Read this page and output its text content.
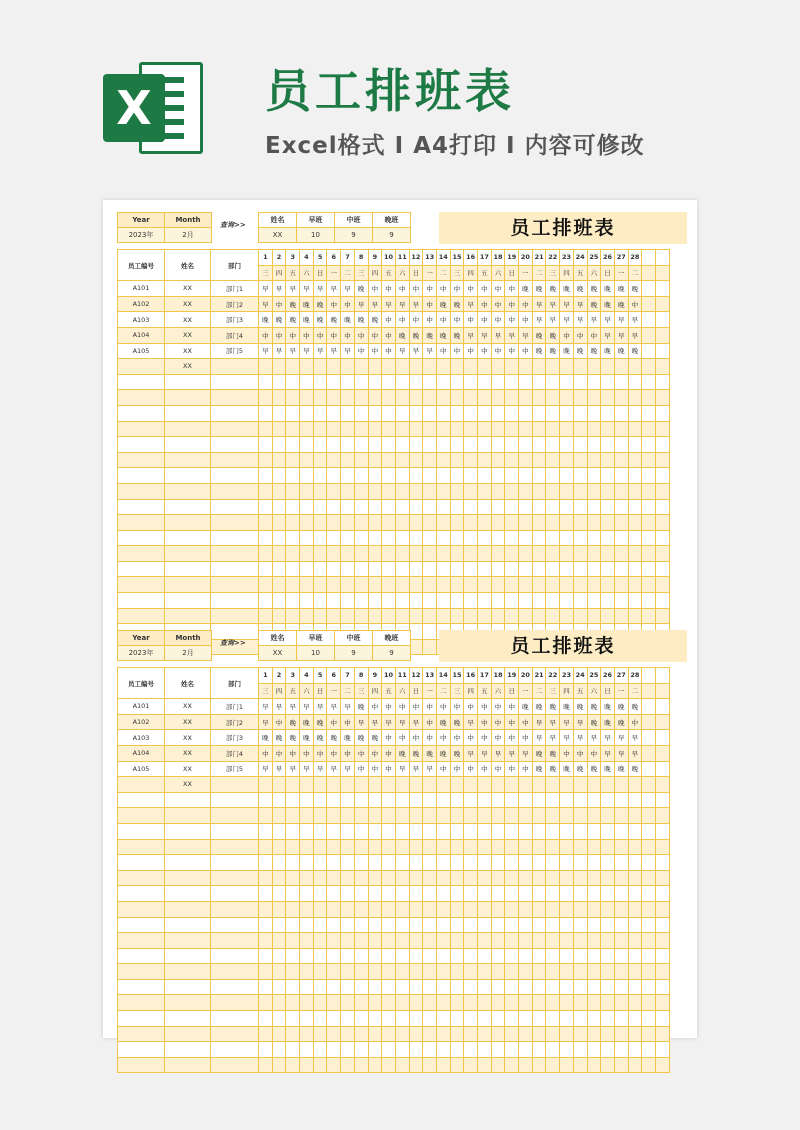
X 员工排班表
Excel格式 I A4打印 I 内容可修改
员工排班表
Year	Month
2023年	2月
查询>>
姓名	早班	中班	晚班
XX	10	9	9
员工编号	姓名	部门	1	2	3	4	5	6	7	8	9	10	11	12	13	14	15	16	17	18	19	20	21	22	23	24	25	26	27	28		
			三	四	五	六	日	一	二	三	四	五	六	日	一	二	三	四	五	六	日	一	二	三	四	五	六	日	一	二		
A101	XX	部门1	早	早	早	早	早	早	早	晚	中	中	中	中	中	中	中	中	中	中	中	晚	晚	晚	晚	晚	晚	晚	晚	晚		
A102	XX	部门2	早	中	晚	晚	晚	中	中	早	早	早	早	早	中	晚	晚	早	中	中	中	中	早	早	早	早	晚	晚	晚	中		
A103	XX	部门3	晚	晚	晚	晚	晚	晚	晚	晚	晚	中	中	中	中	中	中	中	中	中	中	中	早	早	早	早	早	早	早	早		
A104	XX	部门4	中	中	中	中	中	中	中	中	中	中	晚	晚	晚	晚	晚	早	早	早	早	早	晚	晚	中	中	中	早	早	早		
A105	XX	部门5	早	早	早	早	早	早	早	中	中	中	早	早	早	中	中	中	中	中	中	中	晚	晚	晚	晚	晚	晚	晚	晚		
	XX																															

员工排班表
Year	Month
2023年	2月
查询>>
姓名	早班	中班	晚班
XX	10	9	9
员工编号	姓名	部门	1	2	3	4	5	6	7	8	9	10	11	12	13	14	15	16	17	18	19	20	21	22	23	24	25	26	27	28		
			三	四	五	六	日	一	二	三	四	五	六	日	一	二	三	四	五	六	日	一	二	三	四	五	六	日	一	二		
A101	XX	部门1	早	早	早	早	早	早	早	晚	中	中	中	中	中	中	中	中	中	中	中	晚	晚	晚	晚	晚	晚	晚	晚	晚		
A102	XX	部门2	早	中	晚	晚	晚	中	中	早	早	早	早	早	中	晚	晚	早	中	中	中	中	早	早	早	早	晚	晚	晚	中		
A103	XX	部门3	晚	晚	晚	晚	晚	晚	晚	晚	晚	中	中	中	中	中	中	中	中	中	中	中	早	早	早	早	早	早	早	早		
A104	XX	部门4	中	中	中	中	中	中	中	中	中	中	晚	晚	晚	晚	晚	早	早	早	早	早	晚	晚	中	中	中	早	早	早		
A105	XX	部门5	早	早	早	早	早	早	早	中	中	中	早	早	早	中	中	中	中	中	中	中	晚	晚	晚	晚	晚	晚	晚	晚		
	XX																															
